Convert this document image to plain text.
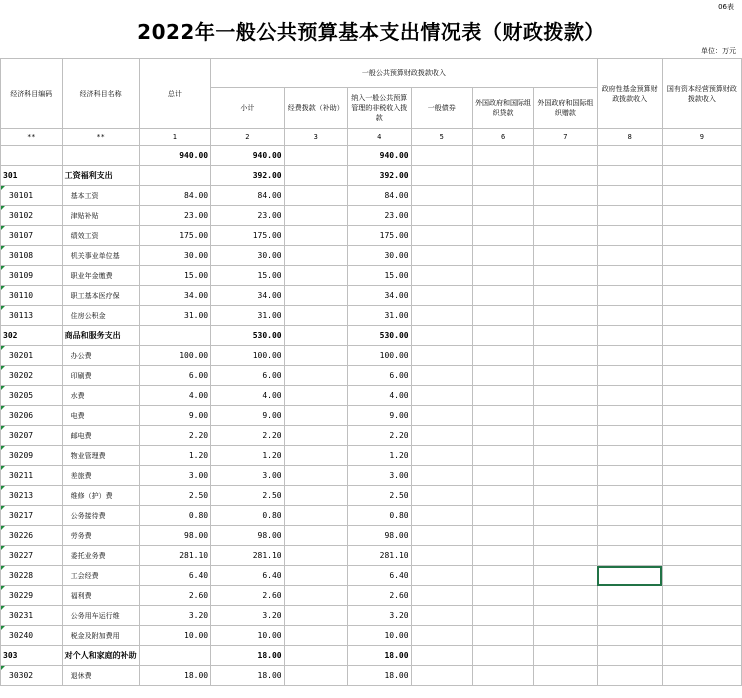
06表
2022年一般公共预算基本支出情况表（财政拨款）
单位：万元
经济科目编码	经济科目名称	总计	一般公共预算财政拨款收入						政府性基金预算财政拨款收入	国有资本经营预算财政拨款收入
			小计	经费拨款（补助）	纳入一般公共预算管理的非税收入拨款	一般债券	外国政府和国际组织贷款	外国政府和国际组织赠款		
**	**	1	2	3	4	5	6	7	8	9
		940.00	940.00		940.00					
301	工资福利支出		392.00		392.00					
30101	基本工资	84.00	84.00		84.00					
30102	津贴补贴	23.00	23.00		23.00					
30107	绩效工资	175.00	175.00		175.00					
30108	机关事业单位基	30.00	30.00		30.00					
30109	职业年金缴费	15.00	15.00		15.00					
30110	职工基本医疗保	34.00	34.00		34.00					
30113	住房公积金	31.00	31.00		31.00					
302	商品和服务支出		530.00		530.00					
30201	办公费	100.00	100.00		100.00					
30202	印刷费	6.00	6.00		6.00					
30205	水费	4.00	4.00		4.00					
30206	电费	9.00	9.00		9.00					
30207	邮电费	2.20	2.20		2.20					
30209	物业管理费	1.20	1.20		1.20					
30211	差旅费	3.00	3.00		3.00					
30213	维修（护）费	2.50	2.50		2.50					
30217	公务接待费	0.80	0.80		0.80					
30226	劳务费	98.00	98.00		98.00					
30227	委托业务费	281.10	281.10		281.10					
30228	工会经费	6.40	6.40		6.40					
30229	福利费	2.60	2.60		2.60					
30231	公务用车运行维	3.20	3.20		3.20					
30240	税金及附加费用	10.00	10.00		10.00					
303	对个人和家庭的补助		18.00		18.00					
30302	退休费	18.00	18.00		18.00					
